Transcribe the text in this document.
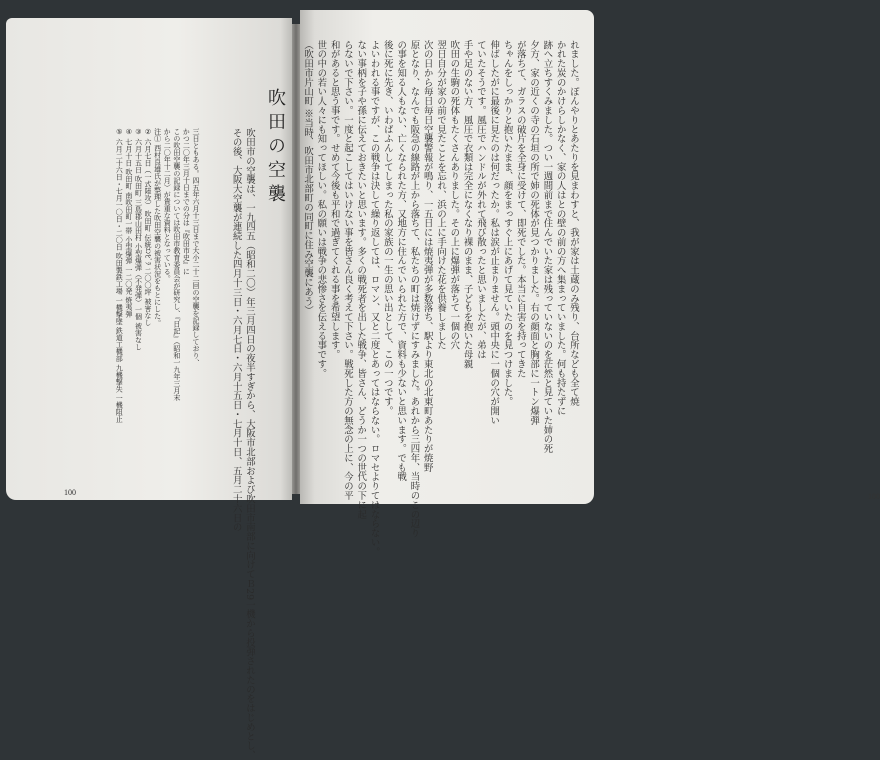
吹田の空襲
吹田市の空襲は、一九四五（昭和二〇）年三月四日の夜半すぎから、大阪市北部および吹田市南部に向けてＢ29一機から投弾されたのをはじめとし、
その後、大阪大空襲が連続した四月十三日・六月七日・六月十五日・七月十日、五月二十六日の
三日ともある。四五年六月十三日まで大小二十二回の空襲を記録しており、
かつ二〇年三月十日までの分は『吹田市史』に
この吹田空襲の記録については吹田市教育委員会が研究し、『日記』（昭和一九年三月末
から二〇年十二月）が貴重な資料となっている。
注① 西村良雄氏が整理した吹田空襲の被害状況をもとにした。
② 六月七日（一式陸攻） 吹田町 伝統ｴﾝﾋﾞﾗ 二〇〇坪 被害なし
③ 六月十五日 吹田町 三島郡山田村 小型爆弾（不発弾）一個 被害なし
④ 七月十日 吹田町 南吹田町一帯 小型爆弾 一二〇発 焼夷弾
⑤ 六月二十六日・七月一〇日・二〇日 吹田製鉄工場 一機撃墜 鉄道工機部 九機撃失 一機阻止
100
れました。ぽんやりとあたりを見まわすと、我が家は土蔵のみ残り、台所なども全て焼
かれた炭のかけらしかなく、家の人はとの壁の前の方へ集まっていました。何も持たずに
跡へ立ちすくみました。つい一週間前まで住んでいた家は残っていないのを茫然と見ていた姉の死
夕方、家の近くの寺の石垣の所で姉の死体が見つかりました。右の顔面と胸部に一トン爆弾
が落ちて、ガラスの破片を全身に受けて、即死でした。本当に自害を持ってきた
ちゃんをしっかりと抱いたまま、顔をまっすぐ上にあげて見ていたのを見つけました。
伸ばしたがに最後に見たのは何だったか。私は涙が止まりません。頭中央に一個の穴が開い
ていたそうです。風圧でハンドルが外れて飛び散ったと思いましたが、弟は
手や足のない方、風圧で衣類は完全になくなり裸のまま、子どもを抱いた母親
吹田の生駒の死体もたくさんありました。その上に爆弾が落ちて一個の穴
翌日自分が家の前で見たことを忘れ、浜の上に手向けた花を供養しました
次の日から毎日毎日空襲警報が鳴り、一五日には焼夷弾が多数落ち、駅より東北の北東町あたりが焼野
原となり、なんでも阪急の線路が上から落ちて、私たちの町は焼けずにすみました。あれから三四年、当時のこの辺り
の事を知る人もない、亡くなられた方、又地方に住んでいられた方で、資料も少ないと思います。でも戦
後に死に先き、いわばふんしてしまった私の家族の一生の思い出として、この一つです。
よいわれる事ですが、この戦争は決して繰り返しては、ロマン、又と二度とあってはならない。ロマセよりてはならない。
ない事柄を子や孫に伝えておきたいと思います。多くの戦死者を出した戦争、皆さん、どうか一つの世代の下に起
らないで下さい。一度と起こしてはいけない事を皆さん良く考えて下さい。戦死した方の無念の上に、今の平
和があると思う事です。せめて今後も平和で過ぎてくれる事を希望します。
世の中の若い人々にも知ってほしい。私の願いは戦争の悲惨さを伝える事です。
（吹田市片山町 ※当時、吹田市北部町の同町に住み空襲にあう）
100
